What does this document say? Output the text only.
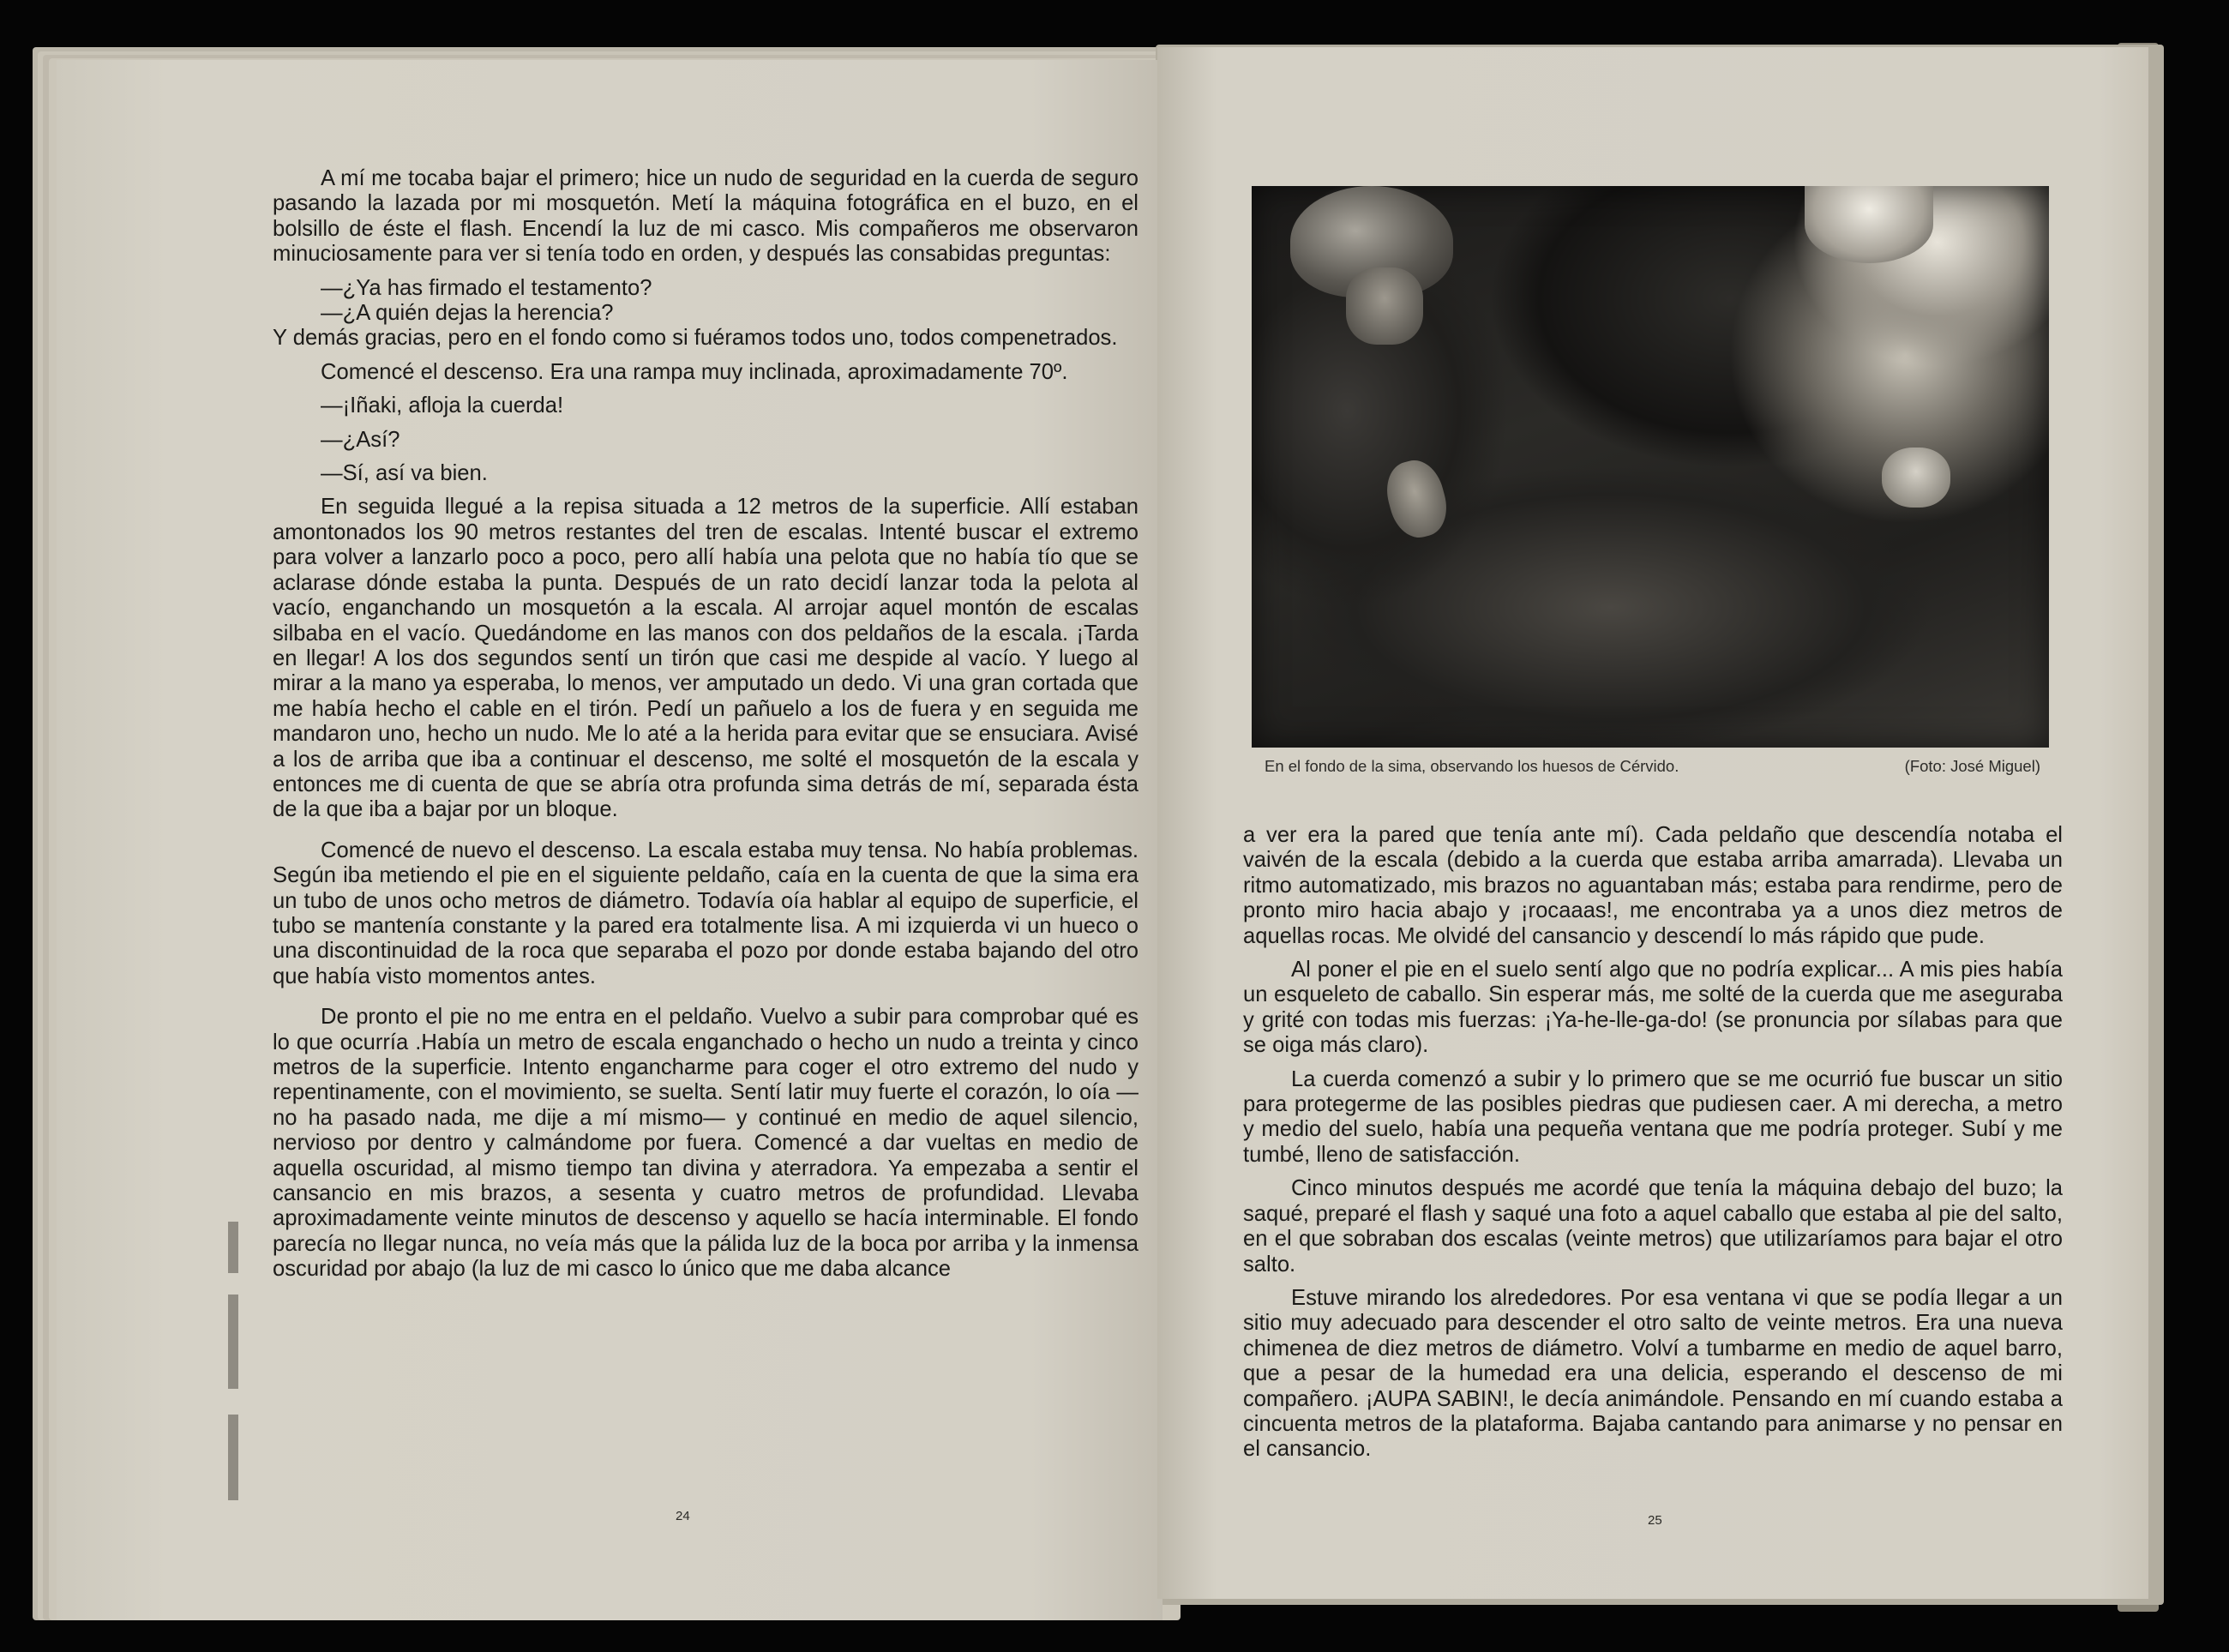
A mí me tocaba bajar el primero; hice un nudo de seguridad en la cuerda de seguro pasando la lazada por mi mosquetón. Metí la máquina fotográfica en el buzo, en el bolsillo de éste el flash. Encendí la luz de mi casco. Mis compañeros me observaron minuciosamente para ver si tenía todo en orden, y después las consabidas preguntas:

—¿Ya has firmado el testamento?

—¿A quién dejas la herencia?

Y demás gracias, pero en el fondo como si fuéramos todos uno, todos compenetrados.

Comencé el descenso. Era una rampa muy inclinada, aproximadamente 70º.

—¡Iñaki, afloja la cuerda!

—¿Así?

—Sí, así va bien.

En seguida llegué a la repisa situada a 12 metros de la superficie. Allí estaban amontonados los 90 metros restantes del tren de escalas. Intenté buscar el extremo para volver a lanzarlo poco a poco, pero allí había una pelota que no había tío que se aclarase dónde estaba la punta. Después de un rato decidí lanzar toda la pelota al vacío, enganchando un mosquetón a la escala. Al arrojar aquel montón de escalas silbaba en el vacío. Quedándome en las manos con dos peldaños de la escala. ¡Tarda en llegar! A los dos segundos sentí un tirón que casi me despide al vacío. Y luego al mirar a la mano ya esperaba, lo menos, ver amputado un dedo. Vi una gran cortada que me había hecho el cable en el tirón. Pedí un pañuelo a los de fuera y en seguida me mandaron uno, hecho un nudo. Me lo até a la herida para evitar que se ensuciara. Avisé a los de arriba que iba a continuar el descenso, me solté el mosquetón de la escala y entonces me di cuenta de que se abría otra profunda sima detrás de mí, separada ésta de la que iba a bajar por un bloque.

Comencé de nuevo el descenso. La escala estaba muy tensa. No había problemas. Según iba metiendo el pie en el siguiente peldaño, caía en la cuenta de que la sima era un tubo de unos ocho metros de diámetro. Todavía oía hablar al equipo de superficie, el tubo se mantenía constante y la pared era totalmente lisa. A mi izquierda vi un hueco o una discontinuidad de la roca que separaba el pozo por donde estaba bajando del otro que había visto momentos antes.

De pronto el pie no me entra en el peldaño. Vuelvo a subir para comprobar qué es lo que ocurría .Había un metro de escala enganchado o hecho un nudo a treinta y cinco metros de la superficie. Intento engancharme para coger el otro extremo del nudo y repentinamente, con el movimiento, se suelta. Sentí latir muy fuerte el corazón, lo oía —no ha pasado nada, me dije a mí mismo— y continué en medio de aquel silencio, nervioso por dentro y calmándome por fuera. Comencé a dar vueltas en medio de aquella oscuridad, al mismo tiempo tan divina y aterradora. Ya empezaba a sentir el cansancio en mis brazos, a sesenta y cuatro metros de profundidad. Llevaba aproximadamente veinte minutos de descenso y aquello se hacía interminable. El fondo parecía no llegar nunca, no veía más que la pálida luz de la boca por arriba y la inmensa oscuridad por abajo (la luz de mi casco lo único que me daba alcance

24
En el fondo de la sima, observando los huesos de Cérvido.	(Foto: José Miguel)

a ver era la pared que tenía ante mí). Cada peldaño que descendía notaba el vaivén de la escala (debido a la cuerda que estaba arriba amarrada). Llevaba un ritmo automatizado, mis brazos no aguantaban más; estaba para rendirme, pero de pronto miro hacia abajo y ¡rocaaas!, me encontraba ya a unos diez metros de aquellas rocas. Me olvidé del cansancio y descendí lo más rápido que pude.

Al poner el pie en el suelo sentí algo que no podría explicar... A mis pies había un esqueleto de caballo. Sin esperar más, me solté de la cuerda que me aseguraba y grité con todas mis fuerzas: ¡Ya-he-lle-ga-do! (se pronuncia por sílabas para que se oiga más claro).

La cuerda comenzó a subir y lo primero que se me ocurrió fue buscar un sitio para protegerme de las posibles piedras que pudiesen caer. A mi derecha, a metro y medio del suelo, había una pequeña ventana que me podría proteger. Subí y me tumbé, lleno de satisfacción.

Cinco minutos después me acordé que tenía la máquina debajo del buzo; la saqué, preparé el flash y saqué una foto a aquel caballo que estaba al pie del salto, en el que sobraban dos escalas (veinte metros) que utilizaríamos para bajar el otro salto.

Estuve mirando los alrededores. Por esa ventana vi que se podía llegar a un sitio muy adecuado para descender el otro salto de veinte metros. Era una nueva chimenea de diez metros de diámetro. Volví a tumbarme en medio de aquel barro, que a pesar de la humedad era una delicia, esperando el descenso de mi compañero. ¡AUPA SABIN!, le decía animándole. Pensando en mí cuando estaba a cincuenta metros de la plataforma. Bajaba cantando para animarse y no pensar en el cansancio.

25
